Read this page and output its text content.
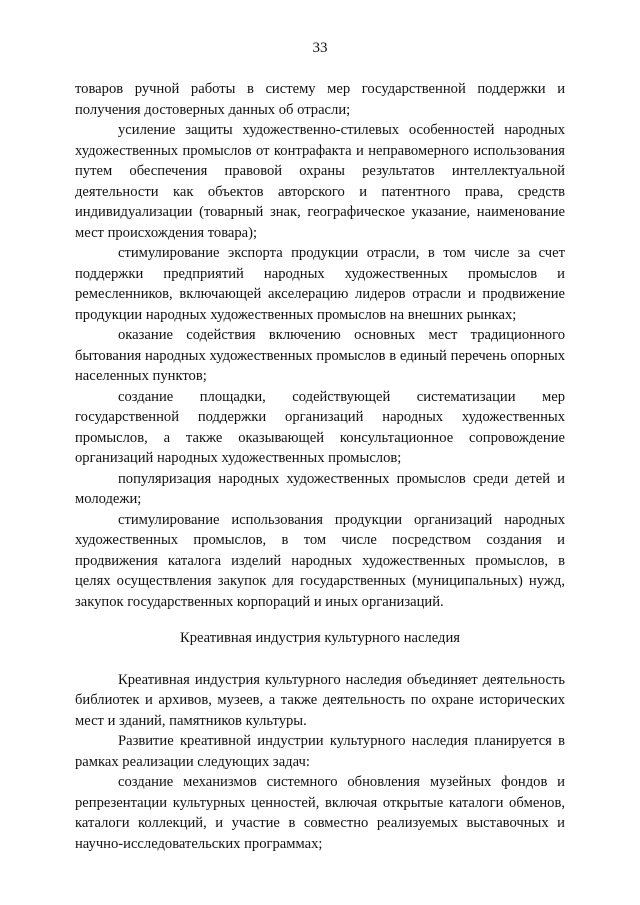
33

товаров ручной работы в систему мер государственной поддержки и получения достоверных данных об отрасли;

усиление защиты художественно-стилевых особенностей народных художественных промыслов от контрафакта и неправомерного использования путем обеспечения правовой охраны результатов интеллектуальной деятельности как объектов авторского и патентного права, средств индивидуализации (товарный знак, географическое указание, наименование мест происхождения товара);

стимулирование экспорта продукции отрасли, в том числе за счет поддержки предприятий народных художественных промыслов и ремесленников, включающей акселерацию лидеров отрасли и продвижение продукции народных художественных промыслов на внешних рынках;

оказание содействия включению основных мест традиционного бытования народных художественных промыслов в единый перечень опорных населенных пунктов;

создание площадки, содействующей систематизации мер государственной поддержки организаций народных художественных промыслов, а также оказывающей консультационное сопровождение организаций народных художественных промыслов;

популяризация народных художественных промыслов среди детей и молодежи;

стимулирование использования продукции организаций народных художественных промыслов, в том числе посредством создания и продвижения каталога изделий народных художественных промыслов, в целях осуществления закупок для государственных (муниципальных) нужд, закупок государственных корпораций и иных организаций.

Креативная индустрия культурного наследия

Креативная индустрия культурного наследия объединяет деятельность библиотек и архивов, музеев, а также деятельность по охране исторических мест и зданий, памятников культуры.

Развитие креативной индустрии культурного наследия планируется в рамках реализации следующих задач:

создание механизмов системного обновления музейных фондов и репрезентации культурных ценностей, включая открытые каталоги обменов, каталоги коллекций, и участие в совместно реализуемых выставочных и научно-исследовательских программах;
